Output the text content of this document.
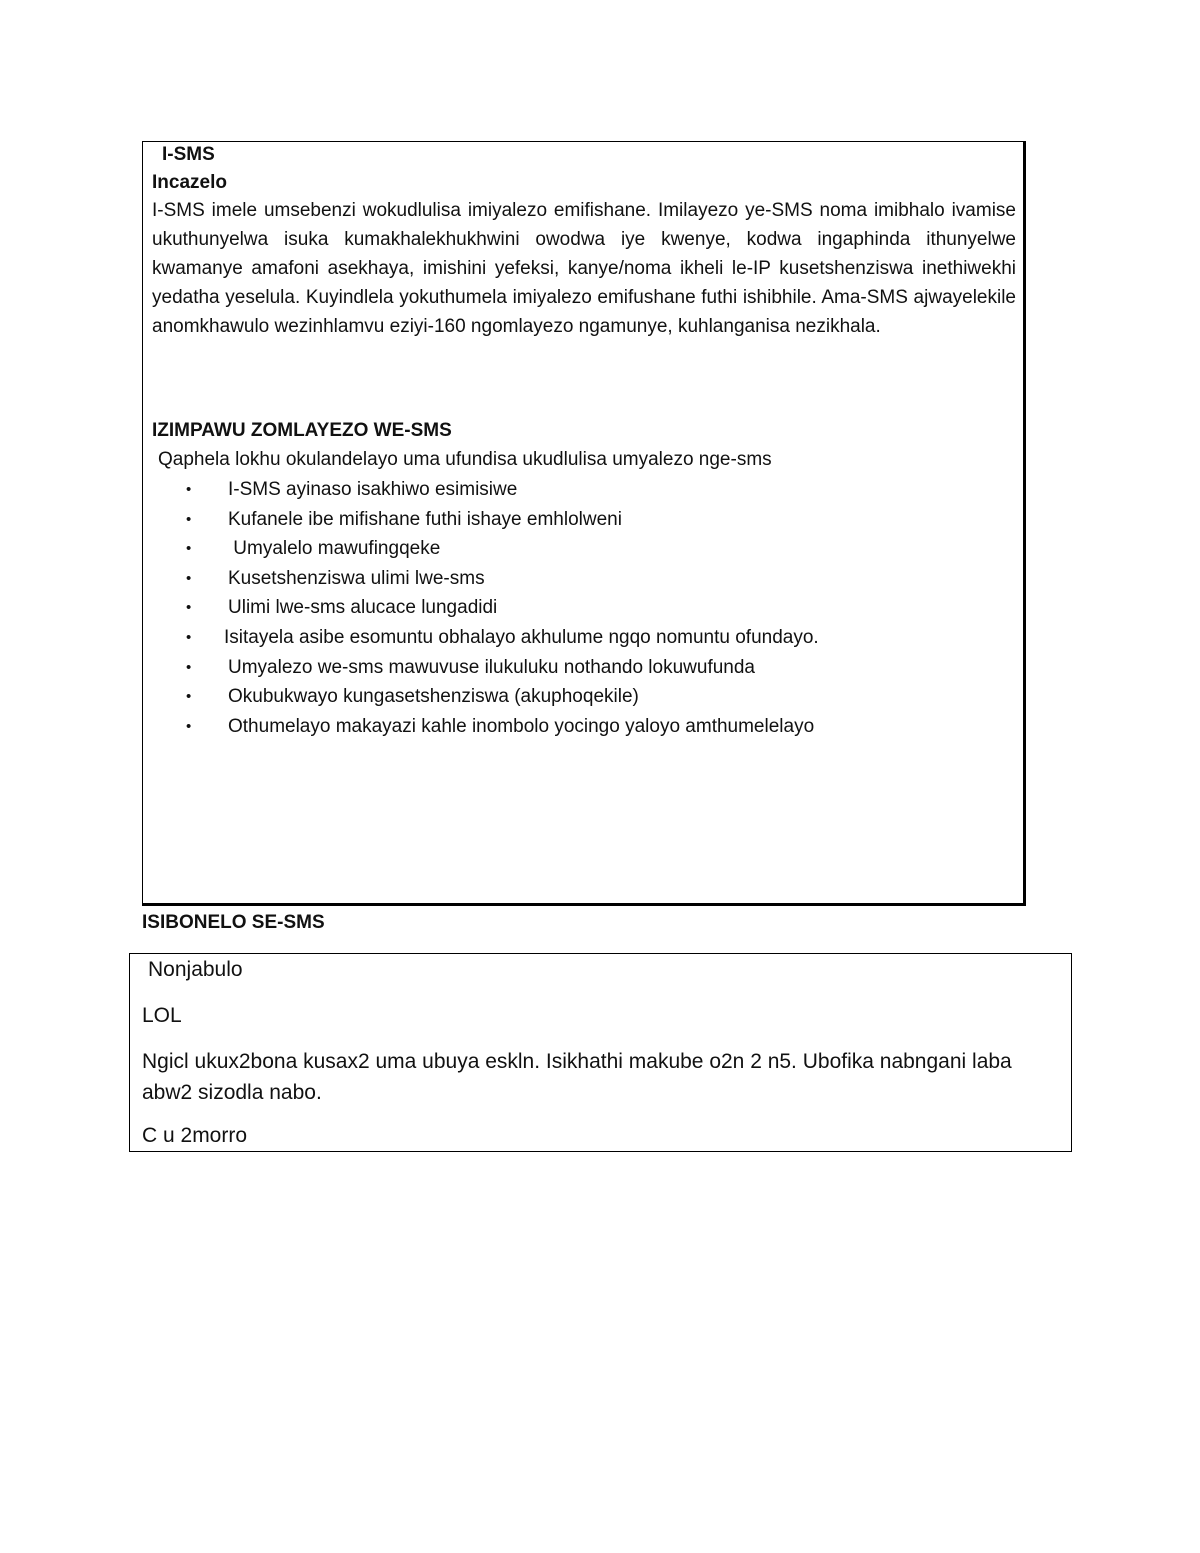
I-SMS

Incazelo

I-SMS imele umsebenzi wokudlulisa imiyalezo emifishane. Imilayezo ye-SMS noma imibhalo ivamise ukuthunyelwa isuka kumakhalekhukhwini owodwa iye kwenye, kodwa ingaphinda ithunyelwe kwamanye amafoni asekhaya, imishini yefeksi, kanye/noma ikheli le-IP kusetshenziswa inethiwekhi yedatha yeselula. Kuyindlela yokuthumela imiyalezo emifushane futhi ishibhile. Ama-SMS ajwayelekile anomkhawulo wezinhlamvu eziyi-160 ngomlayezo ngamunye, kuhlanganisa nezikhala.

IZIMPAWU ZOMLAYEZO WE-SMS

Qaphela lokhu okulandelayo uma ufundisa ukudlulisa umyalezo nge-sms

• I-SMS ayinaso isakhiwo esimisiwe
• Kufanele ibe mifishane futhi ishaye emhlolweni
• Umyalelo mawufingqeke
• Kusetshenziswa ulimi lwe-sms
• Ulimi lwe-sms alucace lungadidi
• Isitayela asibe esomuntu obhalayo akhulume ngqo nomuntu ofundayo.
• Umyalezo we-sms mawuvuse ilukuluku nothando lokuwufunda
• Okubukwayo kungasetshenziswa (akuphoqekile)
• Othumelayo makayazi kahle inombolo yocingo yaloyo amthumelelayo

ISIBONELO SE-SMS

Nonjabulo

LOL

Ngicl ukux2bona kusax2 uma ubuya eskln. Isikhathi makube o2n 2 n5. Ubofika nabngani laba abw2 sizodla nabo.

C u 2morro
